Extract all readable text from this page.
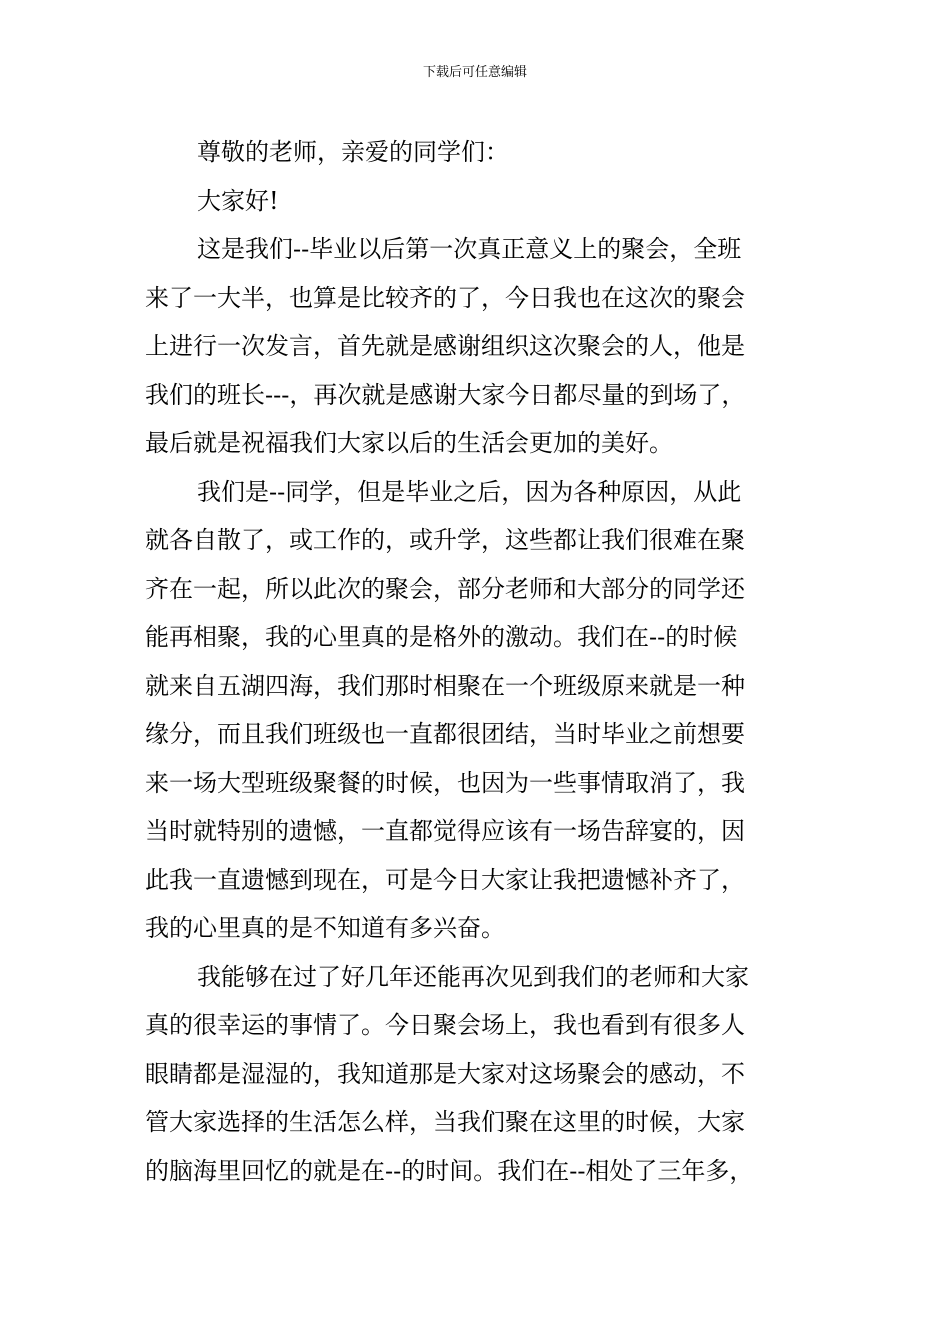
下载后可任意编辑
尊敬的老师，亲爱的同学们：
大家好!
这是我们--毕业以后第一次真正意义上的聚会，全班
来了一大半，也算是比较齐的了，今日我也在这次的聚会
上进行一次发言，首先就是感谢组织这次聚会的人，他是
我们的班长---，再次就是感谢大家今日都尽量的到场了，
最后就是祝福我们大家以后的生活会更加的美好。
我们是--同学，但是毕业之后，因为各种原因，从此
就各自散了，或工作的，或升学，这些都让我们很难在聚
齐在一起，所以此次的聚会，部分老师和大部分的同学还
能再相聚，我的心里真的是格外的激动。我们在--的时候
就来自五湖四海，我们那时相聚在一个班级原来就是一种
缘分，而且我们班级也一直都很团结，当时毕业之前想要
来一场大型班级聚餐的时候，也因为一些事情取消了，我
当时就特别的遗憾，一直都觉得应该有一场告辞宴的，因
此我一直遗憾到现在，可是今日大家让我把遗憾补齐了，
我的心里真的是不知道有多兴奋。
我能够在过了好几年还能再次见到我们的老师和大家
真的很幸运的事情了。今日聚会场上，我也看到有很多人
眼睛都是湿湿的，我知道那是大家对这场聚会的感动，不
管大家选择的生活怎么样，当我们聚在这里的时候，大家
的脑海里回忆的就是在--的时间。我们在--相处了三年多，
